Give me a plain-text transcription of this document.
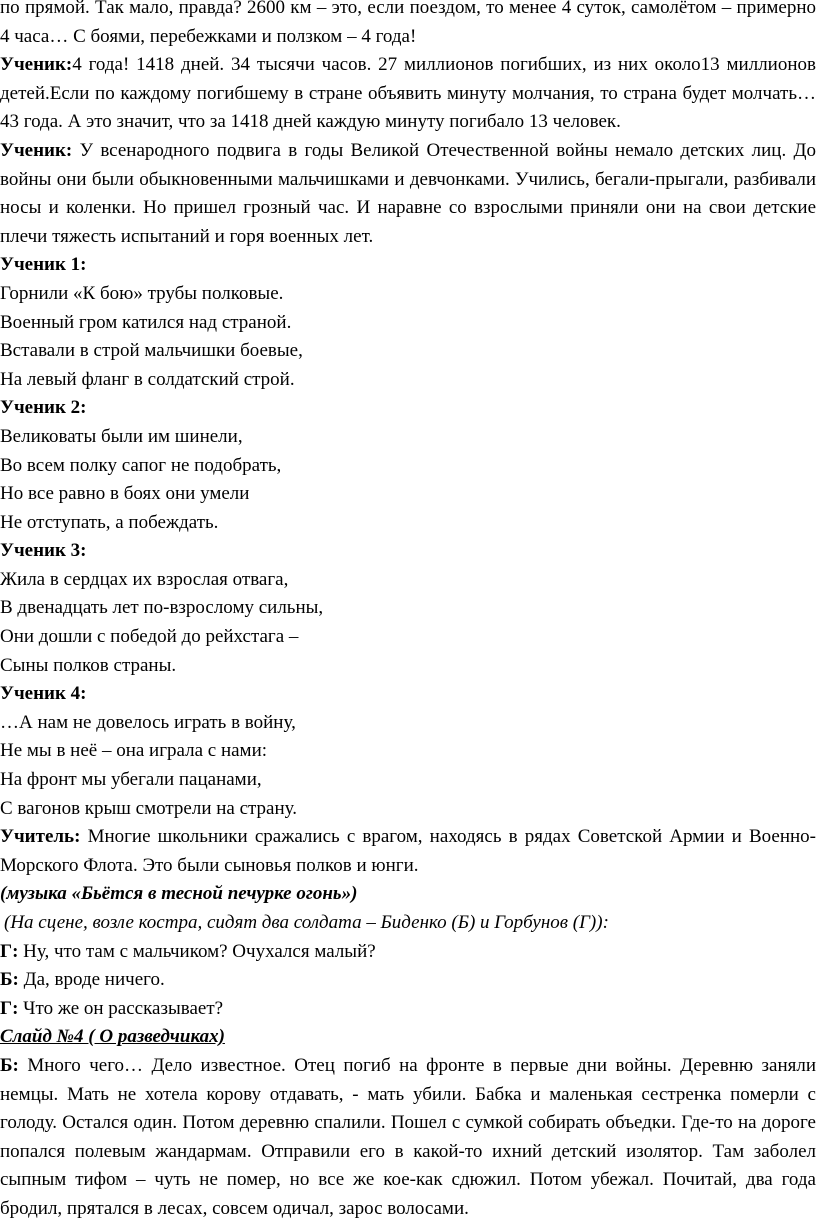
по прямой. Так мало, правда? 2600 км – это, если поездом, то менее 4 суток, самолётом – примерно 4 часа… С боями, перебежками и ползком – 4 года!

Ученик:4 года! 1418 дней. 34 тысячи часов. 27 миллионов погибших, из них около13 миллионов детей.Если по каждому погибшему в стране объявить минуту молчания, то страна будет молчать… 43 года. А это значит, что за 1418 дней каждую минуту погибало 13 человек.

Ученик: У всенародного подвига в годы Великой Отечественной войны немало детских лиц. До войны они были обыкновенными мальчишками и девчонками. Учились, бегали-прыгали, разбивали носы и коленки. Но пришел грозный час. И наравне со взрослыми приняли они на свои детские плечи тяжесть испытаний и горя военных лет.

Ученик 1:

Горнили «К бою» трубы полковые.

Военный гром катился над страной.

Вставали в строй мальчишки боевые,

На левый фланг в солдатский строй.

Ученик 2:

Великоваты были им шинели,

Во всем полку сапог не подобрать,

Но все равно в боях они умели

Не отступать, а побеждать.

Ученик 3:

Жила в сердцах их взрослая отвага,

В двенадцать лет по-взрослому сильны,

Они дошли с победой до рейхстага –

Сыны полков страны.

Ученик 4:

…А нам не довелось играть в войну,

Не мы в неё – она играла с нами:

На фронт мы убегали пацанами,

С вагонов крыш смотрели на страну.

Учитель: Многие школьники сражались с врагом, находясь в рядах Советской Армии и Военно-Морского Флота. Это были сыновья полков и юнги.

(музыка «Бьётся в тесной печурке огонь»)

(На сцене, возле костра, сидят два солдата – Биденко (Б) и Горбунов (Г)):

Г: Ну, что там с мальчиком? Очухался малый?

Б: Да, вроде ничего.

Г: Что же он рассказывает?

Слайд №4 ( О разведчиках)

Б: Много чего… Дело известное. Отец погиб на фронте в первые дни войны. Деревню заняли немцы. Мать не хотела корову отдавать, - мать убили. Бабка и маленькая сестренка померли с голоду. Остался один. Потом деревню спалили. Пошел с сумкой собирать объедки. Где-то на дороге попался полевым жандармам. Отправили его в какой-то ихний детский изолятор. Там заболел сыпным тифом – чуть не помер, но все же кое-как сдюжил. Потом убежал. Почитай, два года бродил, прятался в лесах, совсем одичал, зарос волосами.
